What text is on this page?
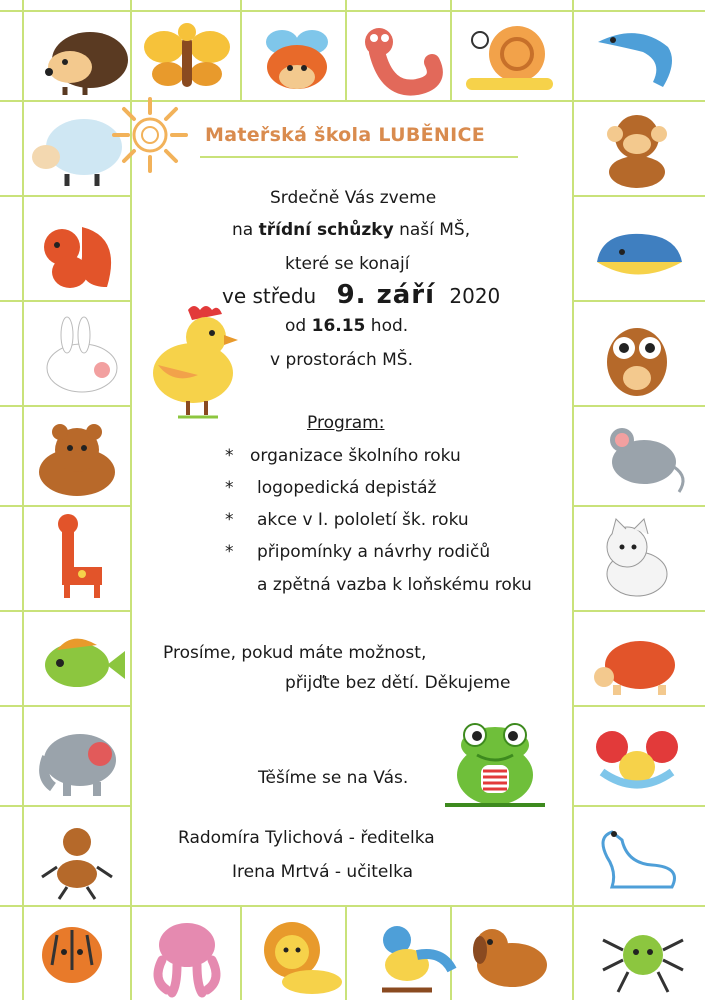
Mateřská škola LUBĚNICE
Srdečně Vás zveme
na třídní schůzky naší MŠ,
které se konají
ve středu 9. září 2020
od 16.15 hod.
v prostorách MŠ.
Program:
* organizace školního roku
* logopedická depistáž
* akce v I. pololetí šk. roku
* připomínky a návrhy rodičů
a zpětná vazba k loňskému roku
Prosíme, pokud máte možnost,
přijďte bez dětí. Děkujeme
Těšíme se na Vás.
Radomíra Tylichová - ředitelka
Irena Mrtvá - učitelka
